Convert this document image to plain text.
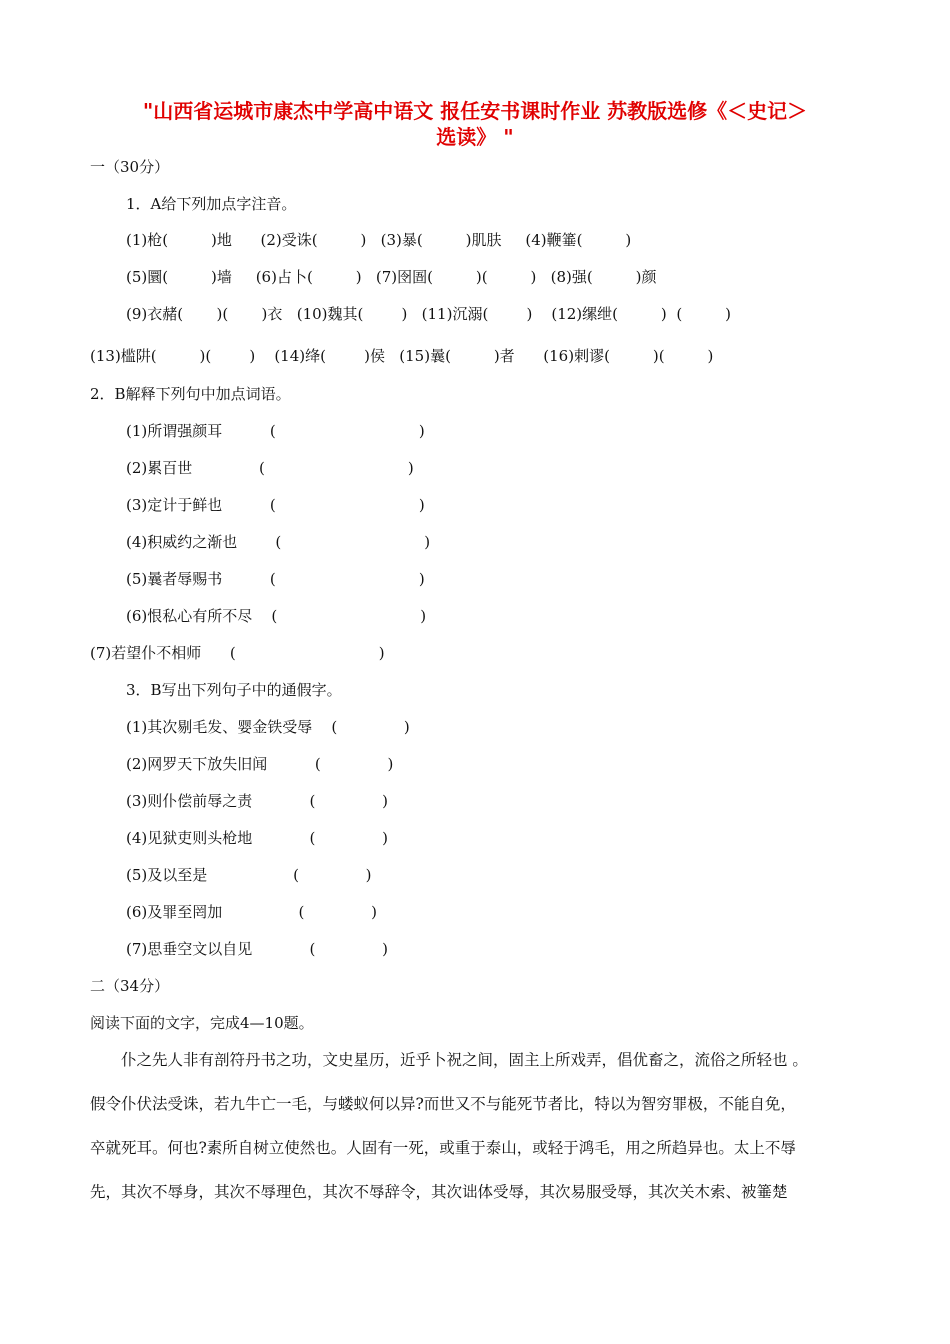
"山西省运城市康杰中学高中语文 报任安书课时作业 苏教版选修《＜史记＞
选读》 "
一（30分）
1．A给下列加点字注音。
(1)枪(         )地      (2)受诛(         )   (3)暴(         )肌肤     (4)鞭箠(         )
(5)圜(         )墙     (6)占卜(         )   (7)囹圄(         )(         )   (8)强(         )颜
(9)衣赭(       )(       )衣   (10)魏其(        )   (11)沉溺(        )    (12)缧绁(         )  (         )
(13)槛阱(         )(        )    (14)绛(        )侯   (15)曩(         )者      (16)剌谬(         )(         )
2．B解释下列句中加点词语。
(1)所谓强颜耳          (                              )
(2)累百世              (                              )
(3)定计于鲜也          (                              )
(4)积威约之渐也        (                              )
(5)曩者辱赐书          (                              )
(6)恨私心有所不尽    (                              )
(7)若望仆不相师      (                              )
3．B写出下列句子中的通假字。
(1)其次剔毛发、婴金铁受辱    (              )
(2)网罗天下放失旧闻          (              )
(3)则仆偿前辱之责            (              )
(4)见狱吏则头枪地            (              )
(5)及以至是                  (              )
(6)及罪至罔加                (              )
(7)思垂空文以自见            (              )
二（34分）
阅读下面的文字，完成4—10题。
　　仆之先人非有剖符丹书之功，文史星历，近乎卜祝之间，固主上所戏弄，倡优畜之，流俗之所轻也 。
假令仆伏法受诛，若九牛亡一毛，与蝼蚁何以异?而世又不与能死节者比，特以为智穷罪极，不能自免，
卒就死耳。何也?素所自树立使然也。人固有一死，或重于泰山，或轻于鸿毛，用之所趋异也。太上不辱
先，其次不辱身，其次不辱理色，其次不辱辞令，其次诎体受辱，其次易服受辱，其次关木索、被箠楚
